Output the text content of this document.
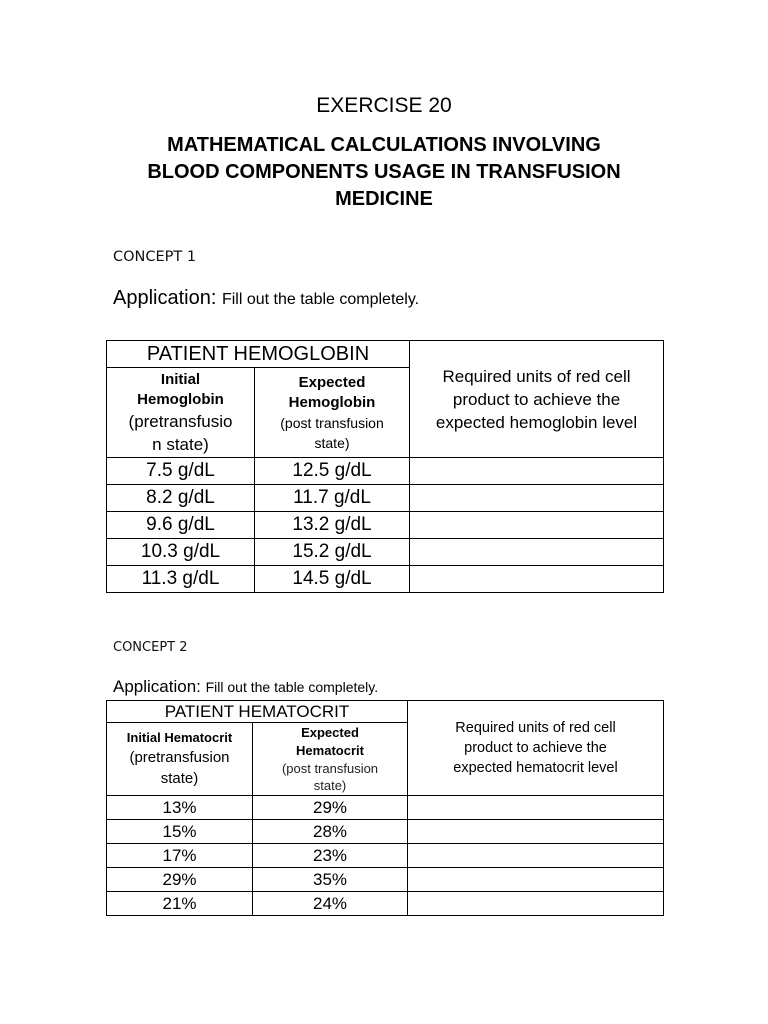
EXERCISE 20
MATHEMATICAL CALCULATIONS INVOLVING
BLOOD COMPONENTS USAGE IN TRANSFUSION
MEDICINE
CONCEPT 1
Application: Fill out the table completely.
PATIENT HEMOGLOBIN		Required units of red cell
product to achieve the
expected hemoglobin level

Initial
Hemoglobin
(pretransfusio
n state)	Expected
Hemoglobin
(post transfusion
state)	

7.5 g/dL	12.5 g/dL	
8.2 g/dL	11.7 g/dL	
9.6 g/dL	13.2 g/dL	
10.3 g/dL	15.2 g/dL	
11.3 g/dL	14.5 g/dL	
CONCEPT 2
Application: Fill out the table completely.
PATIENT HEMATOCRIT		Required units of red cell
product to achieve the
expected hematocrit level

Initial Hematocrit
(pretransfusion
state)	Expected
Hematocrit
(post transfusion
state)	

13%	29%	
15%	28%	
17%	23%	
29%	35%	
21%	24%	
